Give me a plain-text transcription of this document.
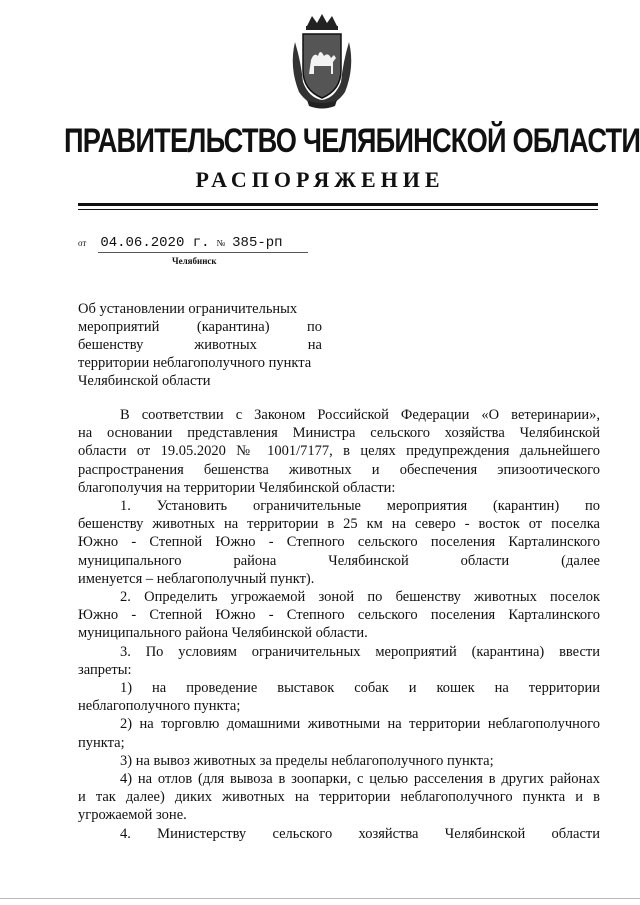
ПРАВИТЕЛЬСТВО ЧЕЛЯБИНСКОЙ ОБЛАСТИ
РАСПОРЯЖЕНИЕ
от 04.06.2020 г. № 385-рп
Челябинск
Об установлении ограничительных
мероприятий (карантина) по
бешенству животных на
территории неблагополучного пункта
Челябинской области
В соответствии с Законом Российской Федерации «О ветеринарии»,
на основании представления Министра сельского хозяйства Челябинской
области от 19.05.2020 № 1001/7177, в целях предупреждения дальнейшего
распространения бешенства животных и обеспечения эпизоотического
благополучия на территории Челябинской области:
1. Установить ограничительные мероприятия (карантин) по
бешенству животных на территории в 25 км на северо - восток от поселка
Южно - Степной Южно - Степного сельского поселения Карталинского
муниципального района Челябинской области (далее
именуется – неблагополучный пункт).
2. Определить угрожаемой зоной по бешенству животных поселок
Южно - Степной Южно - Степного сельского поселения Карталинского
муниципального района Челябинской области.
3. По условиям ограничительных мероприятий (карантина) ввести
запреты:
1) на проведение выставок собак и кошек на территории
неблагополучного пункта;
2) на торговлю домашними животными на территории неблагополучного
пункта;
3) на вывоз животных за пределы неблагополучного пункта;
4) на отлов (для вывоза в зоопарки, с целью расселения в других районах
и так далее) диких животных на территории неблагополучного пункта и в
угрожаемой зоне.
4. Министерству сельского хозяйства Челябинской области
